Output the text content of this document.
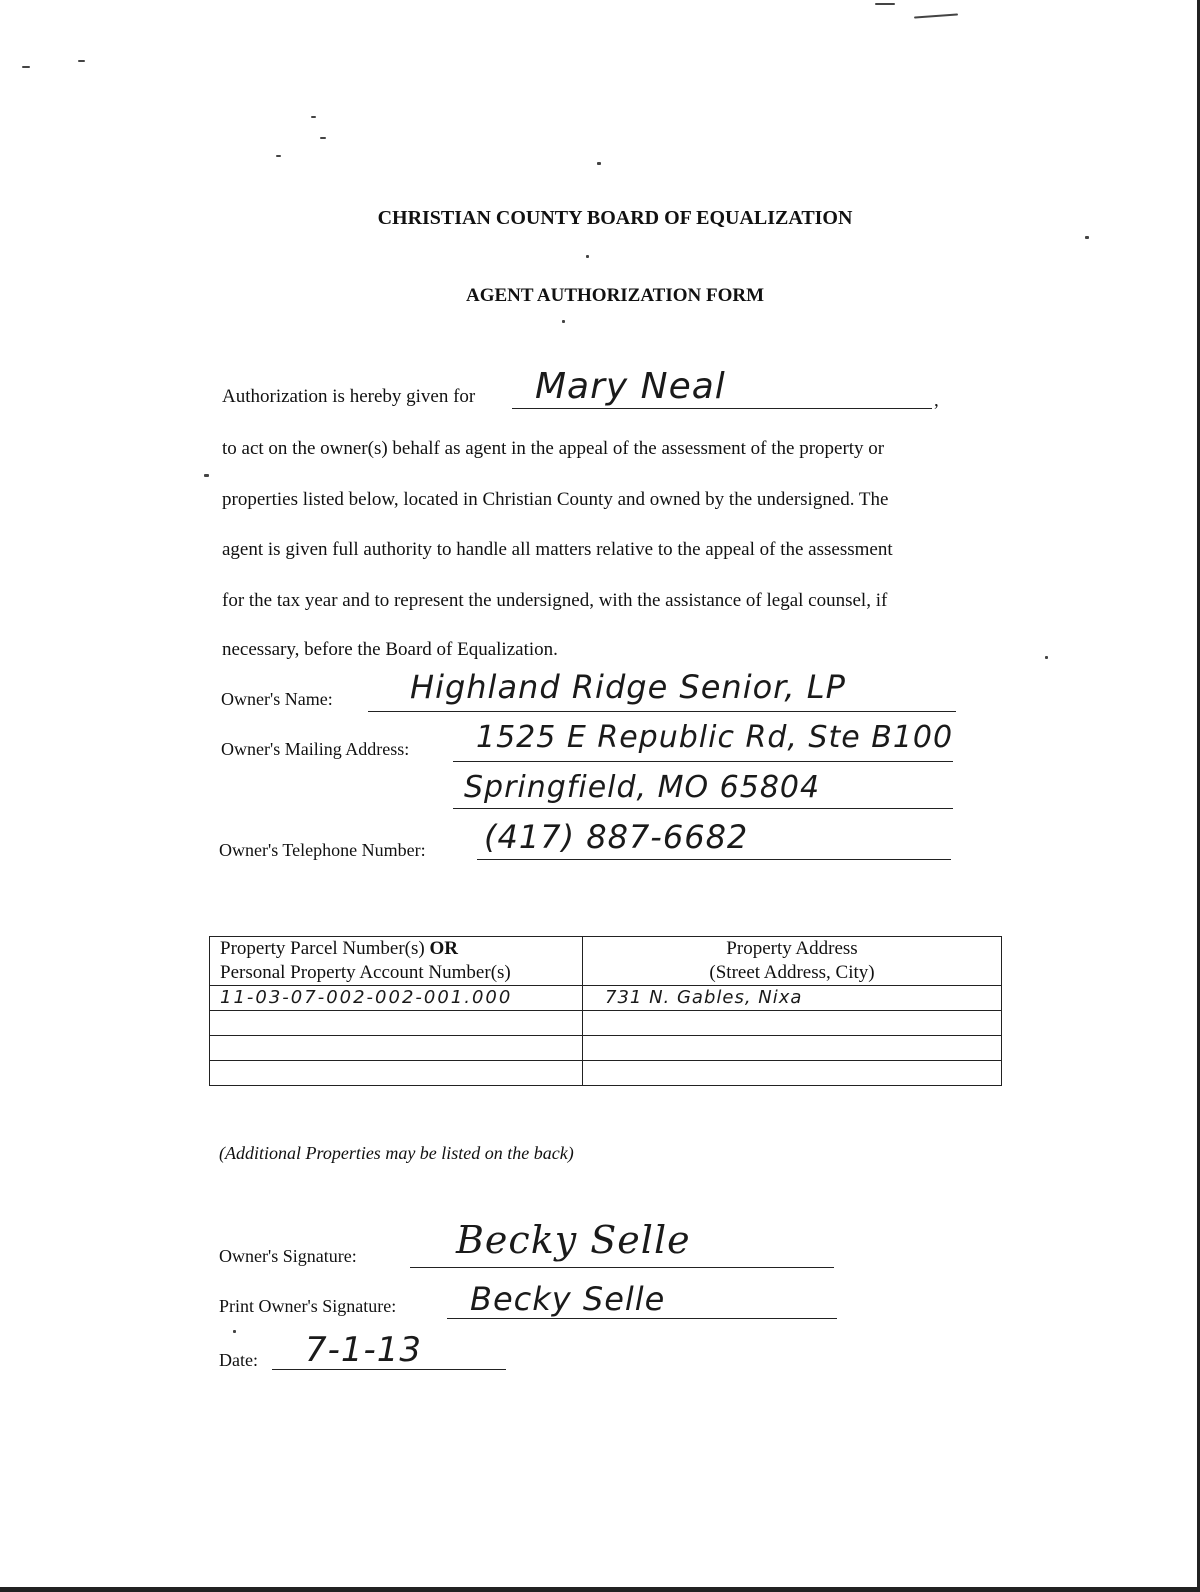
CHRISTIAN COUNTY BOARD OF EQUALIZATION
AGENT AUTHORIZATION FORM
Authorization is hereby given for Mary Neal	,
to act on the owner(s) behalf as agent in the appeal of the assessment of the property or
properties listed below, located in Christian County and owned by the undersigned. The
agent is given full authority to handle all matters relative to the appeal of the assessment
for the tax year and to represent the undersigned, with the assistance of legal counsel, if
necessary, before the Board of Equalization.
Owner's Name: Highland Ridge Senior, LP
Owner's Mailing Address: 1525 E Republic Rd, Ste B100
Springfield, MO 65804
Owner's Telephone Number: (417) 887-6682
Property Parcel Number(s) OR
Personal Property Account Number(s)	Property Address
(Street Address, City)
11-03-07-002-002-001.000	731 N. Gables, Nixa

(Additional Properties may be listed on the back)
Owner's Signature:	Becky Selle
Print Owner's Signature: Becky Selle
Date: 7-1-13
